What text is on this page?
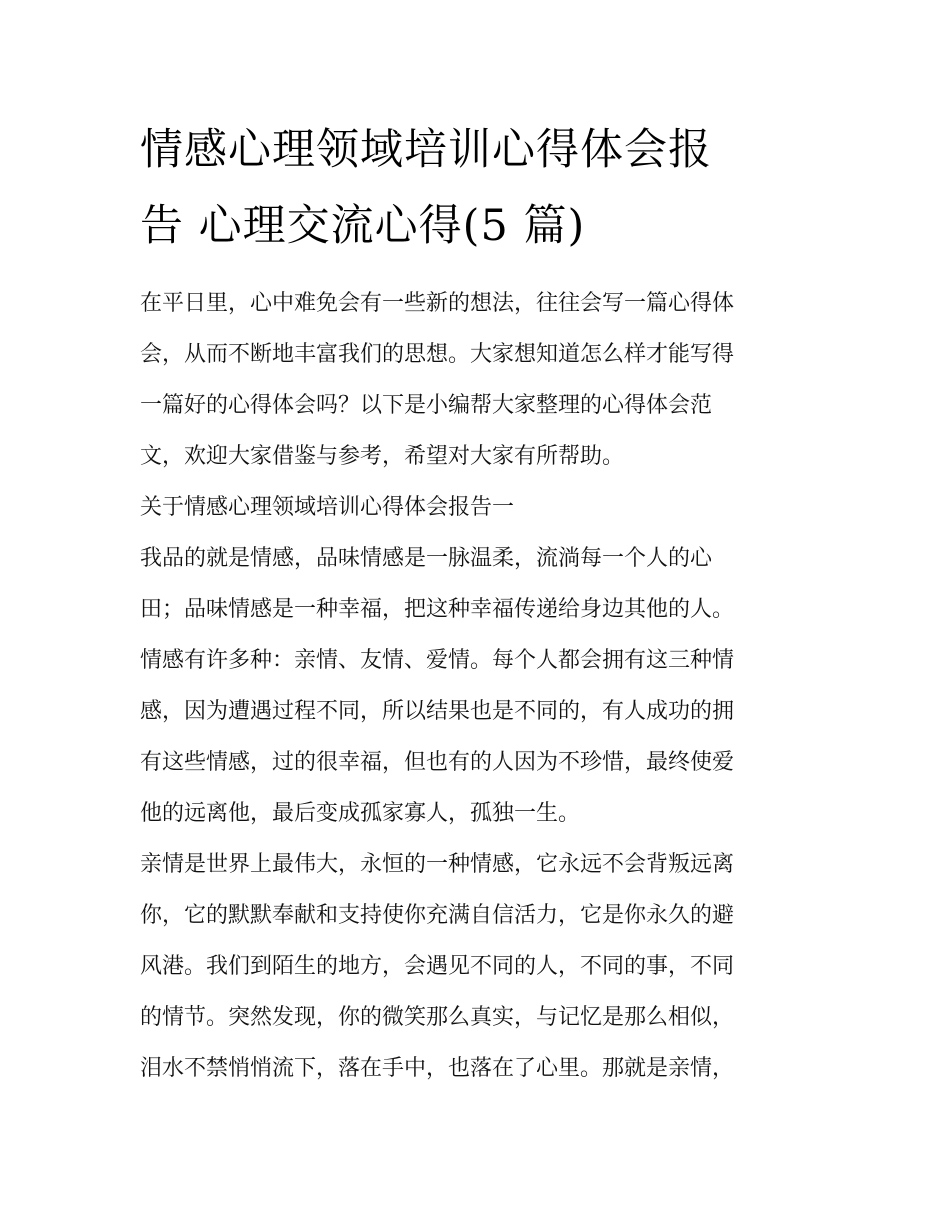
情感心理领域培训心得体会报
告 心理交流心得(5 篇)

在平日里，心中难免会有一些新的想法，往往会写一篇心得体
会，从而不断地丰富我们的思想。大家想知道怎么样才能写得
一篇好的心得体会吗？以下是小编帮大家整理的心得体会范
文，欢迎大家借鉴与参考，希望对大家有所帮助。

关于情感心理领域培训心得体会报告一

我品的就是情感，品味情感是一脉温柔，流淌每一个人的心
田；品味情感是一种幸福，把这种幸福传递给身边其他的人。
情感有许多种：亲情、友情、爱情。每个人都会拥有这三种情
感，因为遭遇过程不同，所以结果也是不同的，有人成功的拥
有这些情感，过的很幸福，但也有的人因为不珍惜，最终使爱
他的远离他，最后变成孤家寡人，孤独一生。

亲情是世界上最伟大，永恒的一种情感，它永远不会背叛远离
你，它的默默奉献和支持使你充满自信活力，它是你永久的避
风港。我们到陌生的地方，会遇见不同的人，不同的事，不同
的情节。突然发现，你的微笑那么真实，与记忆是那么相似，
泪水不禁悄悄流下，落在手中，也落在了心里。那就是亲情，
